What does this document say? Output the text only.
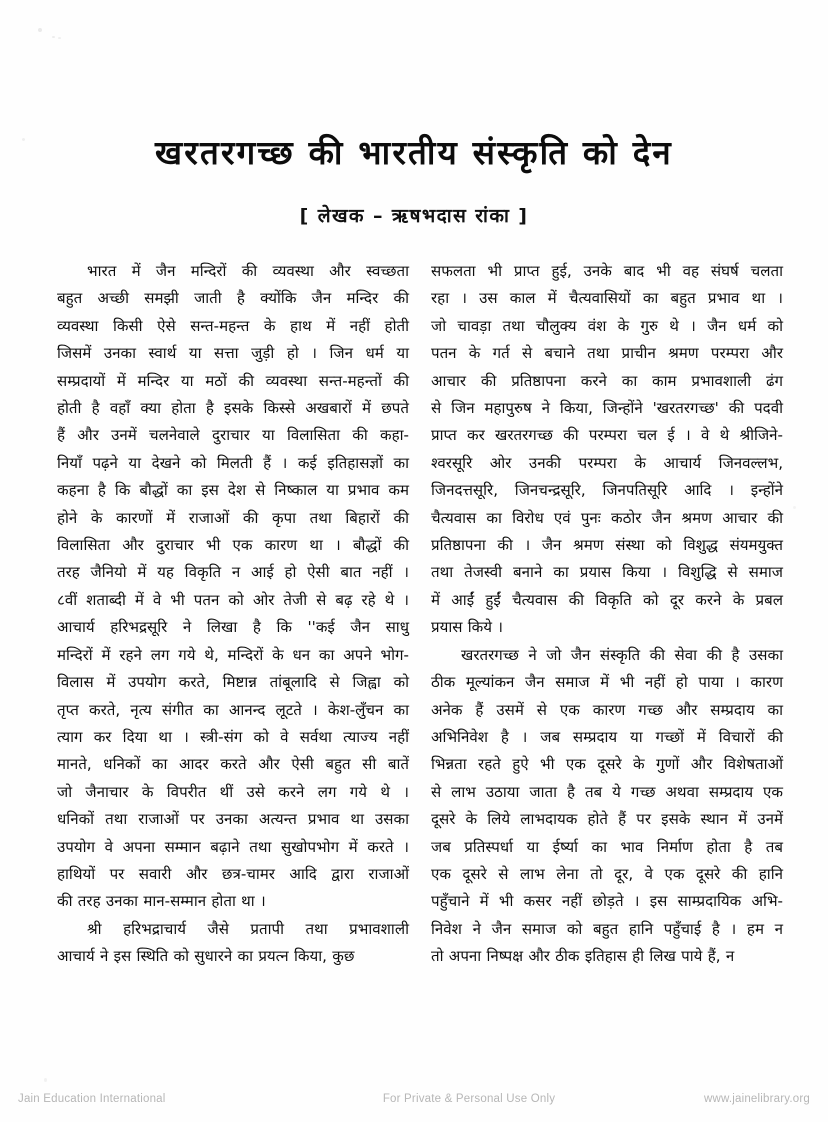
खरतरगच्छ की भारतीय संस्कृति को देन

[ लेखक – ऋषभदास रांका ]

भारत में जैन मन्दिरों की व्यवस्था और स्वच्छता
बहुत अच्छी समझी जाती है क्योंकि जैन मन्दिर की
व्यवस्था किसी ऐसे सन्त-महन्त के हाथ में नहीं होती
जिसमें उनका स्वार्थ या सत्ता जुड़ी हो । जिन धर्म या
सम्प्रदायों में मन्दिर या मठों की व्यवस्था सन्त-महन्तों की
होती है वहाँ क्या होता है इसके किस्से अखबारों में छपते
हैं और उनमें चलनेवाले दुराचार या विलासिता की कहा-
नियाँ पढ़ने या देखने को मिलती हैं । कई इतिहासज्ञों का
कहना है कि बौद्धों का इस देश से निष्काल या प्रभाव कम
होने के कारणों में राजाओं की कृपा तथा बिहारों की
विलासिता और दुराचार भी एक कारण था । बौद्धों की
तरह जैनियो में यह विकृति न आई हो ऐसी बात नहीं ।
८वीं शताब्दी में वे भी पतन को ओर तेजी से बढ़ रहे थे ।
आचार्य हरिभद्रसूरि ने लिखा है कि ''कई जैन साधु
मन्दिरों में रहने लग गये थे, मन्दिरों के धन का अपने भोग-
विलास में उपयोग करते, मिष्टान्न तांबूलादि से जिह्वा को
तृप्त करते, नृत्य संगीत का आनन्द लूटते । केश-लुँचन का
त्याग कर दिया था । स्त्री-संग को वे सर्वथा त्याज्य नहीं
मानते, धनिकों का आदर करते और ऐसी बहुत सी बातें
जो जैनाचार के विपरीत थीं उसे करने लग गये थे ।
धनिकों तथा राजाओं पर उनका अत्यन्त प्रभाव था उसका
उपयोग वे अपना सम्मान बढ़ाने तथा सुखोपभोग में करते ।
हाथियों पर सवारी और छत्र-चामर आदि द्वारा राजाओं
की तरह उनका मान-सम्मान होता था ।

श्री हरिभद्राचार्य जैसे प्रतापी तथा प्रभावशाली
आचार्य ने इस स्थिति को सुधारने का प्रयत्न किया, कुछ

सफलता भी प्राप्त हुई, उनके बाद भी वह संघर्ष चलता
रहा । उस काल में चैत्यवासियों का बहुत प्रभाव था ।
जो चावड़ा तथा चौलुक्य वंश के गुरु थे । जैन धर्म को
पतन के गर्त से बचाने तथा प्राचीन श्रमण परम्परा और
आचार की प्रतिष्ठापना करने का काम प्रभावशाली ढंग
से जिन महापुरुष ने किया, जिन्होंने 'खरतरगच्छ' की पदवी
प्राप्त कर खरतरगच्छ की परम्परा चल ई । वे थे श्रीजिने-
श्वरसूरि ओर उनकी परम्परा के आचार्य जिनवल्लभ,
जिनदत्तसूरि, जिनचन्द्रसूरि, जिनपतिसूरि आदि । इन्होंने
चैत्यवास का विरोध एवं पुनः कठोर जैन श्रमण आचार की
प्रतिष्ठापना की । जैन श्रमण संस्था को विशुद्ध संयमयुक्त
तथा तेजस्वी बनाने का प्रयास किया । विशुद्धि से समाज
में आईं हुईं चैत्यवास की विकृति को दूर करने के प्रबल
प्रयास किये ।

खरतरगच्छ ने जो जैन संस्कृति की सेवा की है उसका
ठीक मूल्यांकन जैन समाज में भी नहीं हो पाया । कारण
अनेक हैं उसमें से एक कारण गच्छ और सम्प्रदाय का
अभिनिवेश है । जब सम्प्रदाय या गच्छों में विचारों की
भिन्नता रहते हुऐ भी एक दूसरे के गुणों और विशेषताओं
से लाभ उठाया जाता है तब ये गच्छ अथवा सम्प्रदाय एक
दूसरे के लिये लाभदायक होते हैं पर इसके स्थान में उनमें
जब प्रतिस्पर्धा या ईर्ष्या का भाव निर्माण होता है तब
एक दूसरे से लाभ लेना तो दूर, वे एक दूसरे की हानि
पहुँचाने में भी कसर नहीं छोड़ते । इस साम्प्रदायिक अभि-
निवेश ने जैन समाज को बहुत हानि पहुँचाई है । हम न
तो अपना निष्पक्ष और ठीक इतिहास ही लिख पाये हैं, न

Jain Education International	For Private & Personal Use Only	www.jainelibrary.org
